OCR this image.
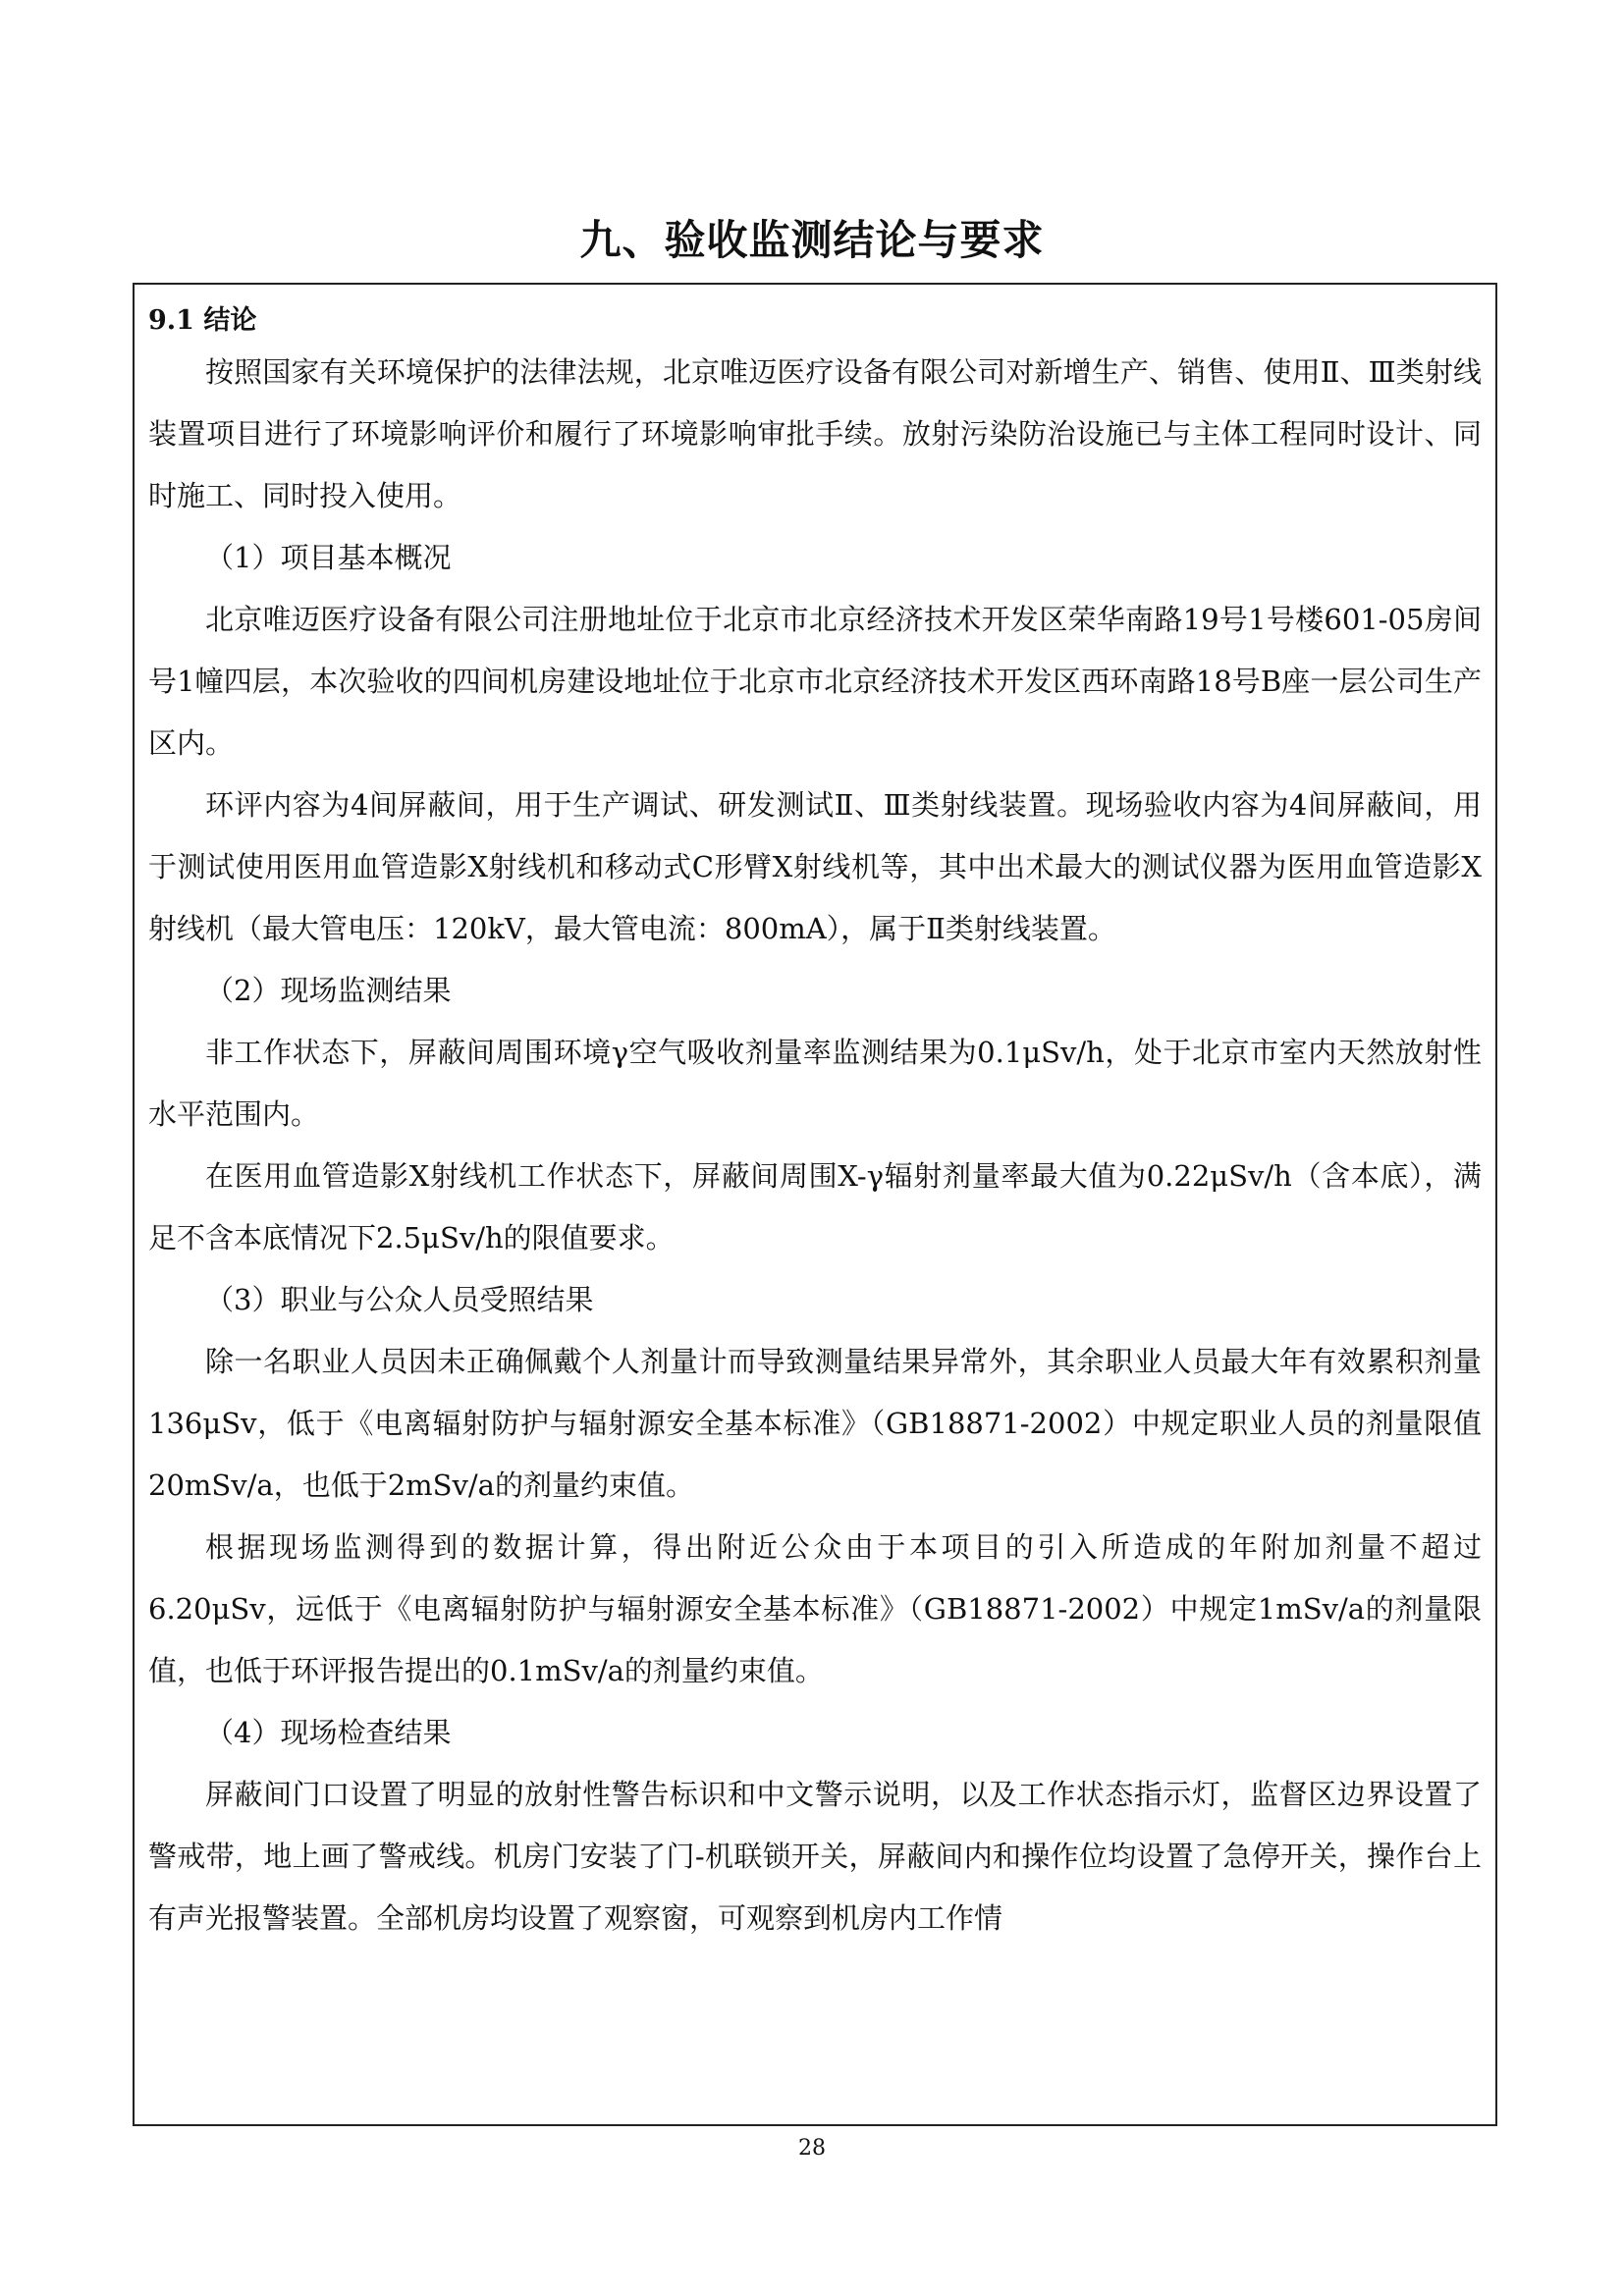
九、验收监测结论与要求

9.1 结论

按照国家有关环境保护的法律法规，北京唯迈医疗设备有限公司对新增生产、销售、使用Ⅱ、Ⅲ类射线装置项目进行了环境影响评价和履行了环境影响审批手续。放射污染防治设施已与主体工程同时设计、同时施工、同时投入使用。

（1）项目基本概况

北京唯迈医疗设备有限公司注册地址位于北京市北京经济技术开发区荣华南路19号1号楼601-05房间号1幢四层，本次验收的四间机房建设地址位于北京市北京经济技术开发区西环南路18号B座一层公司生产区内。

环评内容为4间屏蔽间，用于生产调试、研发测试Ⅱ、Ⅲ类射线装置。现场验收内容为4间屏蔽间，用于测试使用医用血管造影X射线机和移动式C形臂X射线机等，其中出术最大的测试仪器为医用血管造影X射线机（最大管电压：120kV，最大管电流：800mA），属于Ⅱ类射线装置。

（2）现场监测结果

非工作状态下，屏蔽间周围环境γ空气吸收剂量率监测结果为0.1μSv/h，处于北京市室内天然放射性水平范围内。

在医用血管造影X射线机工作状态下，屏蔽间周围X-γ辐射剂量率最大值为0.22μSv/h（含本底），满足不含本底情况下2.5μSv/h的限值要求。

（3）职业与公众人员受照结果

除一名职业人员因未正确佩戴个人剂量计而导致测量结果异常外，其余职业人员最大年有效累积剂量136μSv，低于《电离辐射防护与辐射源安全基本标准》（GB18871-2002）中规定职业人员的剂量限值20mSv/a，也低于2mSv/a的剂量约束值。

根据现场监测得到的数据计算，得出附近公众由于本项目的引入所造成的年附加剂量不超过6.20μSv，远低于《电离辐射防护与辐射源安全基本标准》（GB18871-2002）中规定1mSv/a的剂量限值，也低于环评报告提出的0.1mSv/a的剂量约束值。

（4）现场检查结果

屏蔽间门口设置了明显的放射性警告标识和中文警示说明，以及工作状态指示灯，监督区边界设置了警戒带，地上画了警戒线。机房门安装了门-机联锁开关，屏蔽间内和操作位均设置了急停开关，操作台上有声光报警装置。全部机房均设置了观察窗，可观察到机房内工作情

28
